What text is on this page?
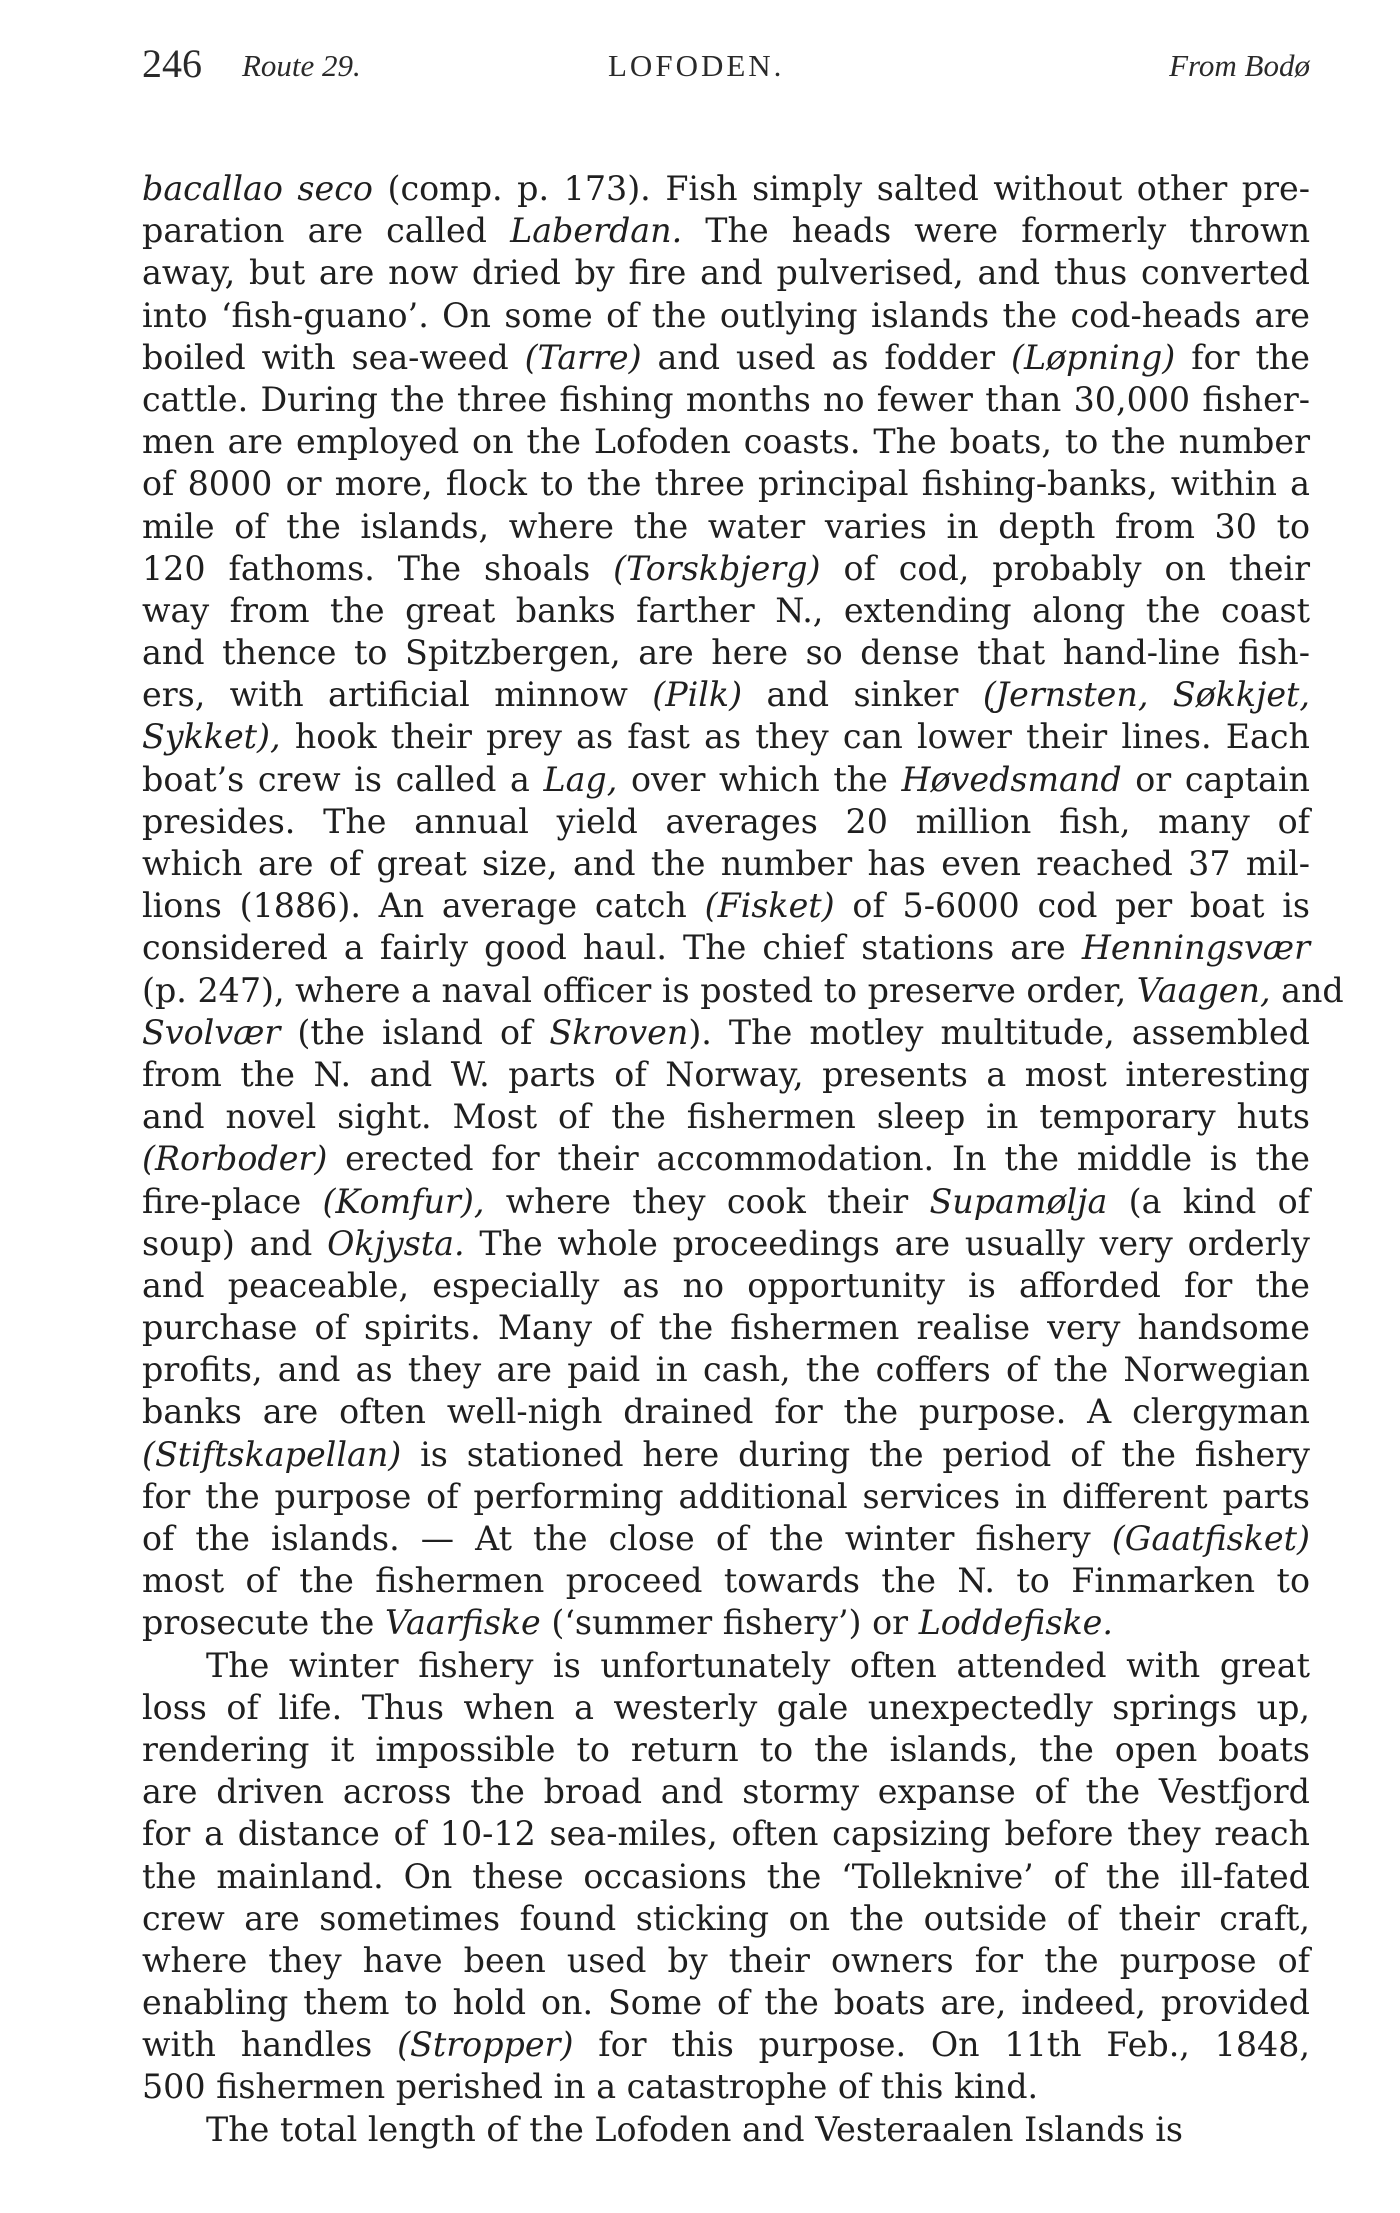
246 Route 29.	LOFODEN.	From Bodø
bacallao seco (comp. p. 173). Fish simply salted without other pre-
paration are called Laberdan. The heads were formerly thrown
away, but are now dried by fire and pulverised, and thus converted
into ‘fish-guano’. On some of the outlying islands the cod-heads are
boiled with sea-weed (Tarre) and used as fodder (Løpning) for the
cattle. During the three fishing months no fewer than 30,000 fisher-
men are employed on the Lofoden coasts. The boats, to the number
of 8000 or more, flock to the three principal fishing-banks, within a
mile of the islands, where the water varies in depth from 30 to
120 fathoms. The shoals (Torskbjerg) of cod, probably on their
way from the great banks farther N., extending along the coast
and thence to Spitzbergen, are here so dense that hand-line fish-
ers, with artificial minnow (Pilk) and sinker (Jernsten, Søkkjet,
Sykket), hook their prey as fast as they can lower their lines. Each
boat’s crew is called a Lag, over which the Høvedsmand or captain
presides. The annual yield averages 20 million fish, many of
which are of great size, and the number has even reached 37 mil-
lions (1886). An average catch (Fisket) of 5-6000 cod per boat is
considered a fairly good haul. The chief stations are Henningsvær
(p. 247), where a naval officer is posted to preserve order, Vaagen, and
Svolvær (the island of Skroven). The motley multitude, assembled
from the N. and W. parts of Norway, presents a most interesting
and novel sight. Most of the fishermen sleep in temporary huts
(Rorboder) erected for their accommodation. In the middle is the
fire-place (Komfur), where they cook their Supamølja (a kind of
soup) and Okjysta. The whole proceedings are usually very orderly
and peaceable, especially as no opportunity is afforded for the
purchase of spirits. Many of the fishermen realise very handsome
profits, and as they are paid in cash, the coffers of the Norwegian
banks are often well-nigh drained for the purpose. A clergyman
(Stiftskapellan) is stationed here during the period of the fishery
for the purpose of performing additional services in different parts
of the islands. — At the close of the winter fishery (Gaatfisket)
most of the fishermen proceed towards the N. to Finmarken to
prosecute the Vaarfiske (‘summer fishery’) or Loddefiske.
The winter fishery is unfortunately often attended with great
loss of life. Thus when a westerly gale unexpectedly springs up,
rendering it impossible to return to the islands, the open boats
are driven across the broad and stormy expanse of the Vestfjord
for a distance of 10-12 sea-miles, often capsizing before they reach
the mainland. On these occasions the ‘Tolleknive’ of the ill-fated
crew are sometimes found sticking on the outside of their craft,
where they have been used by their owners for the purpose of
enabling them to hold on. Some of the boats are, indeed, provided
with handles (Stropper) for this purpose. On 11th Feb., 1848,
500 fishermen perished in a catastrophe of this kind.
The total length of the Lofoden and Vesteraalen Islands is
